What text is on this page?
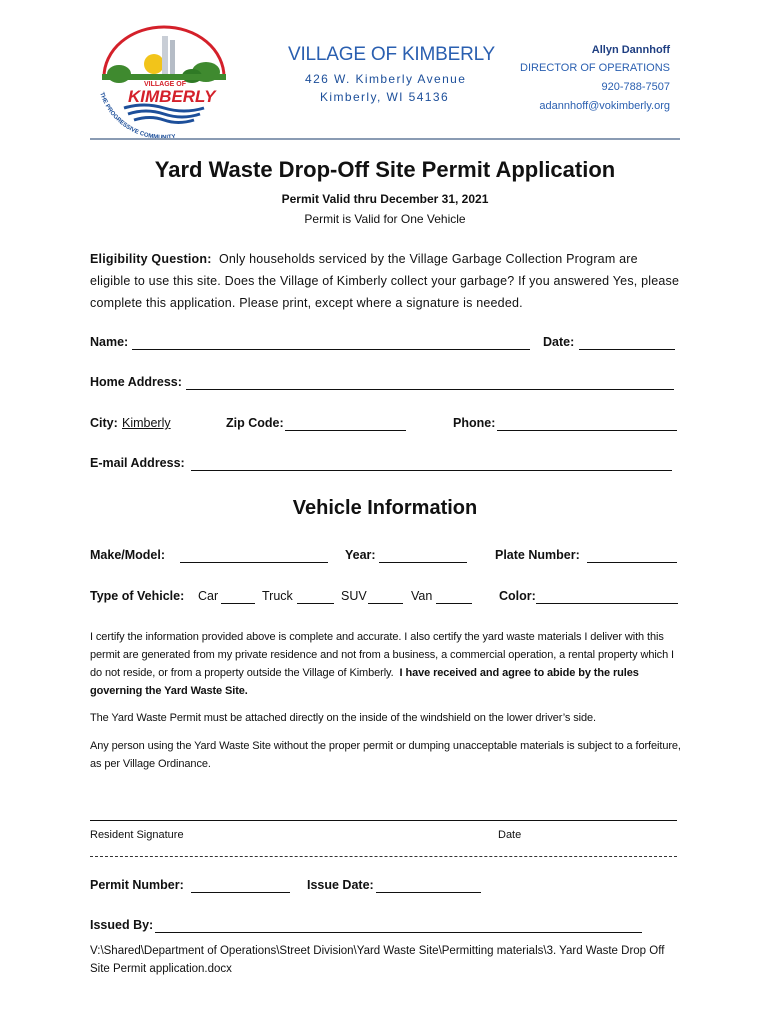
VILLAGE OF
KIMBERLY
THE PROGRESSIVE COMMUNITY
VILLAGE OF KIMBERLY
426 W. Kimberly Avenue
Kimberly, WI 54136
Allyn Dannhoff
DIRECTOR OF OPERATIONS
920-788-7507
adannhoff@vokimberly.org
Yard Waste Drop-Off Site Permit Application
Permit Valid thru December 31, 2021
Permit is Valid for One Vehicle
Eligibility Question: Only households serviced by the Village Garbage Collection Program are eligible to use this site. Does the Village of Kimberly collect your garbage? If you answered Yes, please complete this application. Please print, except where a signature is needed.
Name:	Date:
Home Address:
City: Kimberly	Zip Code:	Phone:
E-mail Address:
Vehicle Information
Make/Model:	Year:	Plate Number:
Type of Vehicle: Car	Truck	SUV	Van	Color:
I certify the information provided above is complete and accurate. I also certify the yard waste materials I deliver with this permit are generated from my private residence and not from a business, a commercial operation, a rental property which I do not reside, or from a property outside the Village of Kimberly. I have received and agree to abide by the rules governing the Yard Waste Site.
The Yard Waste Permit must be attached directly on the inside of the windshield on the lower driver’s side.
Any person using the Yard Waste Site without the proper permit or dumping unacceptable materials is subject to a forfeiture, as per Village Ordinance.
Resident Signature	Date
Permit Number:	Issue Date:
Issued By:
V:\Shared\Department of Operations\Street Division\Yard Waste Site\Permitting materials\3. Yard Waste Drop Off Site Permit application.docx
